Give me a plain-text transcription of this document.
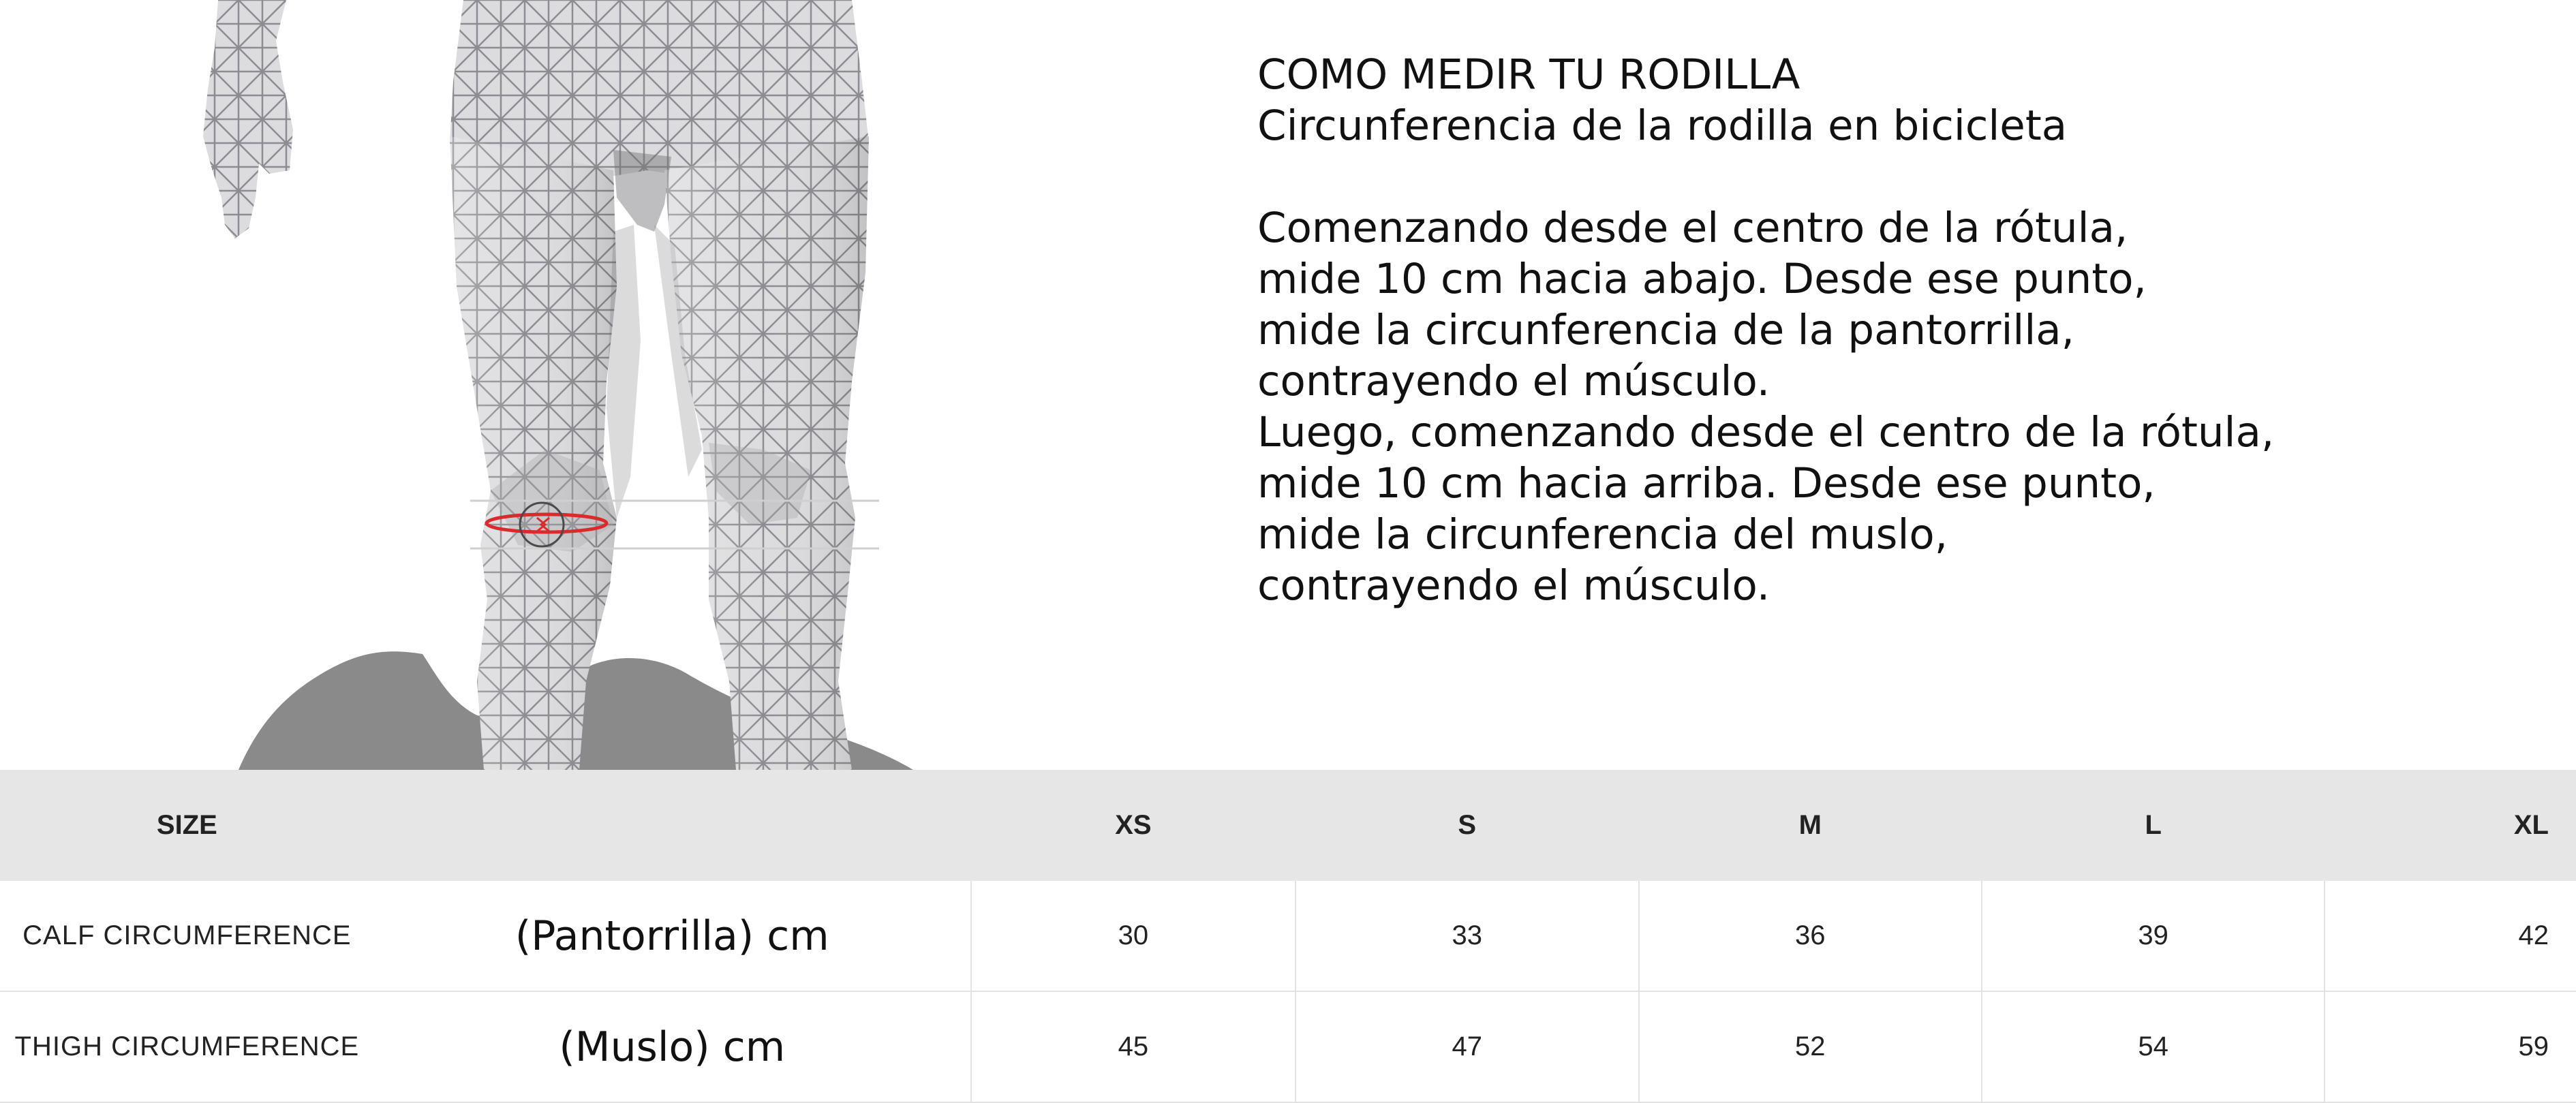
COMO MEDIR TU RODILLA
Circunferencia de la rodilla en bicicleta
Comenzando desde el centro de la rótula,
mide 10 cm hacia abajo. Desde ese punto,
mide la circunferencia de la pantorrilla,
contrayendo el músculo.
Luego, comenzando desde el centro de la rótula,
mide 10 cm hacia arriba. Desde ese punto,
mide la circunferencia del muslo,
contrayendo el músculo.
SIZE		XS	S	M	L	XL
CALF CIRCUMFERENCE	(Pantorrilla) cm	30	33	36	39	42
THIGH CIRCUMFERENCE	(Muslo) cm	45	47	52	54	59
